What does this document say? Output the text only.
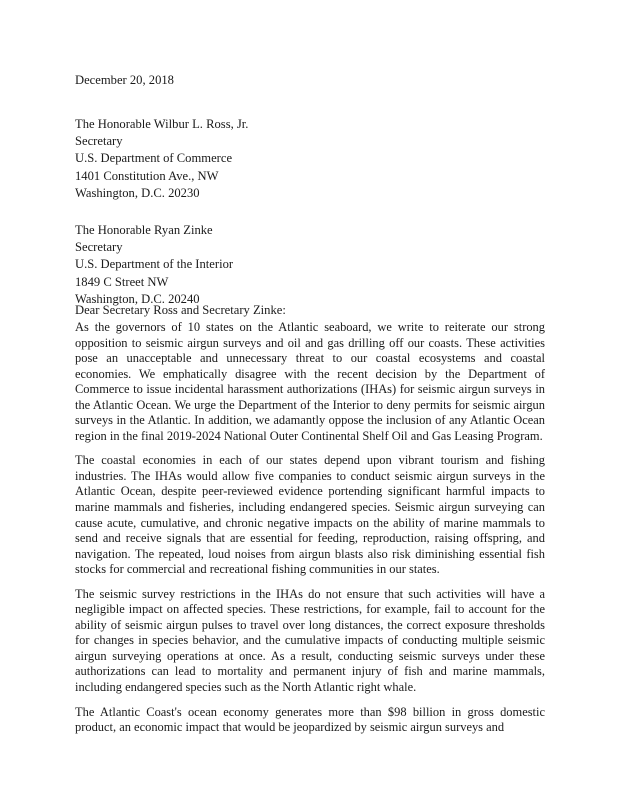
December 20, 2018

The Honorable Wilbur L. Ross, Jr.
Secretary
U.S. Department of Commerce
1401 Constitution Ave., NW
Washington, D.C. 20230
The Honorable Ryan Zinke
Secretary
U.S. Department of the Interior
1849 C Street NW
Washington, D.C. 20240

Dear Secretary Ross and Secretary Zinke:

As the governors of 10 states on the Atlantic seaboard, we write to reiterate our strong opposition to seismic airgun surveys and oil and gas drilling off our coasts. These activities pose an unacceptable and unnecessary threat to our coastal ecosystems and coastal economies. We emphatically disagree with the recent decision by the Department of Commerce to issue incidental harassment authorizations (IHAs) for seismic airgun surveys in the Atlantic Ocean. We urge the Department of the Interior to deny permits for seismic airgun surveys in the Atlantic. In addition, we adamantly oppose the inclusion of any Atlantic Ocean region in the final 2019-2024 National Outer Continental Shelf Oil and Gas Leasing Program.

The coastal economies in each of our states depend upon vibrant tourism and fishing industries. The IHAs would allow five companies to conduct seismic airgun surveys in the Atlantic Ocean, despite peer-reviewed evidence portending significant harmful impacts to marine mammals and fisheries, including endangered species. Seismic airgun surveying can cause acute, cumulative, and chronic negative impacts on the ability of marine mammals to send and receive signals that are essential for feeding, reproduction, raising offspring, and navigation. The repeated, loud noises from airgun blasts also risk diminishing essential fish stocks for commercial and recreational fishing communities in our states.

The seismic survey restrictions in the IHAs do not ensure that such activities will have a negligible impact on affected species. These restrictions, for example, fail to account for the ability of seismic airgun pulses to travel over long distances, the correct exposure thresholds for changes in species behavior, and the cumulative impacts of conducting multiple seismic airgun surveying operations at once. As a result, conducting seismic surveys under these authorizations can lead to mortality and permanent injury of fish and marine mammals, including endangered species such as the North Atlantic right whale.

The Atlantic Coast's ocean economy generates more than $98 billion in gross domestic product, an economic impact that would be jeopardized by seismic airgun surveys and
